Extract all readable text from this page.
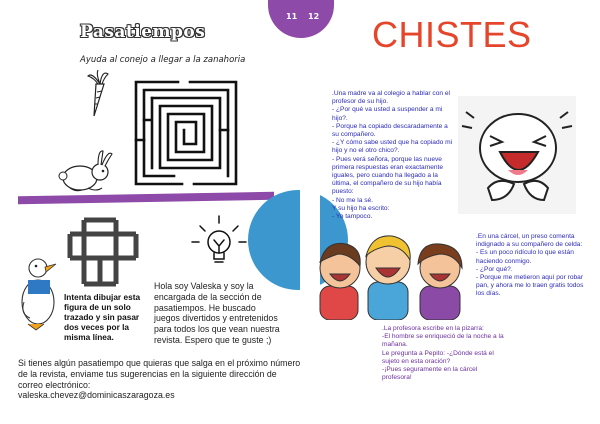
11 12
Pasatiempos
Ayuda al conejo a llegar a la zanahoria
Intenta dibujar esta figura de un solo trazado y sin pasar dos veces por la misma línea.
Hola soy Valeska y soy la encargada de la sección de pasatiempos. He buscado juegos divertidos y entretenidos para todos los que vean nuestra revista. Espero que te guste ;)
Si tienes algún pasatiempo que quieras que salga en el próximo número de la revista, enviame tus sugerencias en la siguiente dirección de correo electrónico:
valeska.chevez@dominicaszaragoza.es
CHISTES
.Una madre va al colegio a hablar con el profesor de su hijo.
- ¿Por qué va usted a suspender a mi hijo?.
- Porque ha copiado descaradamente a su compañero.
- ¿Y cómo sabe usted que ha copiado mi hijo y no el otro chico?.
- Pues verá señora, porque las nueve primera respuestas eran exactamente iguales, pero cuando ha llegado a la última, el compañero de su hijo había puesto:
- No me la sé.
Y su hijo ha escrito:
- Yo tampoco.
.En una cárcel, un preso comenta indignado a su compañero de celda:
- Es un poco ridículo lo que están haciendo conmigo.
- ¿Por qué?.
- Porque me metieron aquí por robar pan, y ahora me lo traen gratis todos los días.
.La profesora escribe en la pizarra:
-El hombre se enriqueció de la noche a la mañana.
Le pregunta a Pepito: -¿Dónde está el sujeto en esta oración?
-¡Pues seguramente en la cárcel profesora!
